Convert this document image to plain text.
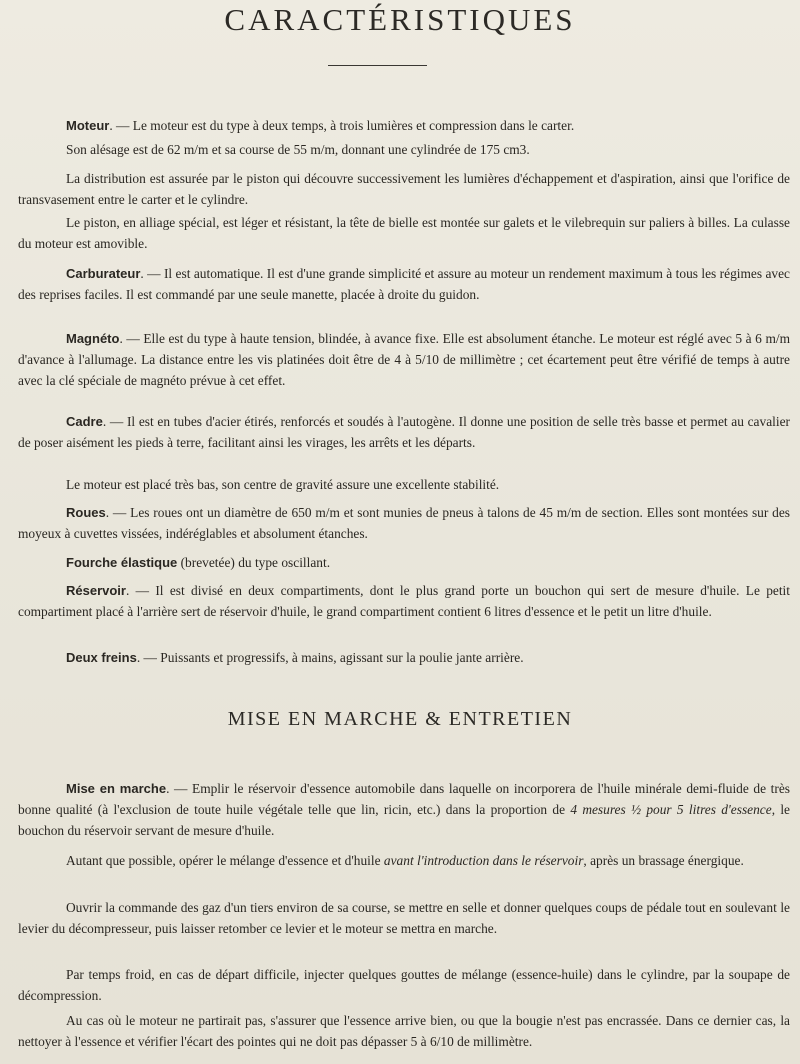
CARACTÉRISTIQUES

Moteur. — Le moteur est du type à deux temps, à trois lumières et compression dans le carter.

Son alésage est de 62 m/m et sa course de 55 m/m, donnant une cylindrée de 175 cm3.

La distribution est assurée par le piston qui découvre successivement les lumières d'échappement et d'aspiration, ainsi que l'orifice de transvasement entre le carter et le cylindre.

Le piston, en alliage spécial, est léger et résistant, la tête de bielle est montée sur galets et le vilebrequin sur paliers à billes. La culasse du moteur est amovible.

Carburateur. — Il est automatique. Il est d'une grande simplicité et assure au moteur un rendement maximum à tous les régimes avec des reprises faciles. Il est commandé par une seule manette, placée à droite du guidon.

Magnéto. — Elle est du type à haute tension, blindée, à avance fixe. Elle est absolument étanche. Le moteur est réglé avec 5 à 6 m/m d'avance à l'allumage. La distance entre les vis platinées doit être de 4 à 5/10 de millimètre ; cet écartement peut être vérifié de temps à autre avec la clé spéciale de magnéto prévue à cet effet.

Cadre. — Il est en tubes d'acier étirés, renforcés et soudés à l'autogène. Il donne une position de selle très basse et permet au cavalier de poser aisément les pieds à terre, facilitant ainsi les virages, les arrêts et les départs.

Le moteur est placé très bas, son centre de gravité assure une excellente stabilité.

Roues. — Les roues ont un diamètre de 650 m/m et sont munies de pneus à talons de 45 m/m de section. Elles sont montées sur des moyeux à cuvettes vissées, indéréglables et absolument étanches.

Fourche élastique (brevetée) du type oscillant.

Réservoir. — Il est divisé en deux compartiments, dont le plus grand porte un bouchon qui sert de mesure d'huile. Le petit compartiment placé à l'arrière sert de réservoir d'huile, le grand compartiment contient 6 litres d'essence et le petit un litre d'huile.

Deux freins. — Puissants et progressifs, à mains, agissant sur la poulie jante arrière.

MISE EN MARCHE & ENTRETIEN

Mise en marche. — Emplir le réservoir d'essence automobile dans laquelle on incorporera de l'huile minérale demi-fluide de très bonne qualité (à l'exclusion de toute huile végétale telle que lin, ricin, etc.) dans la proportion de 4 mesures ½ pour 5 litres d'essence, le bouchon du réservoir servant de mesure d'huile.

Autant que possible, opérer le mélange d'essence et d'huile avant l'introduction dans le réservoir, après un brassage énergique.

Ouvrir la commande des gaz d'un tiers environ de sa course, se mettre en selle et donner quelques coups de pédale tout en soulevant le levier du décompresseur, puis laisser retomber ce levier et le moteur se mettra en marche.

Par temps froid, en cas de départ difficile, injecter quelques gouttes de mélange (essence-huile) dans le cylindre, par la soupape de décompression.

Au cas où le moteur ne partirait pas, s'assurer que l'essence arrive bien, ou que la bougie n'est pas encrassée. Dans ce dernier cas, la nettoyer à l'essence et vérifier l'écart des pointes qui ne doit pas dépasser 5 à 6/10 de millimètre.
